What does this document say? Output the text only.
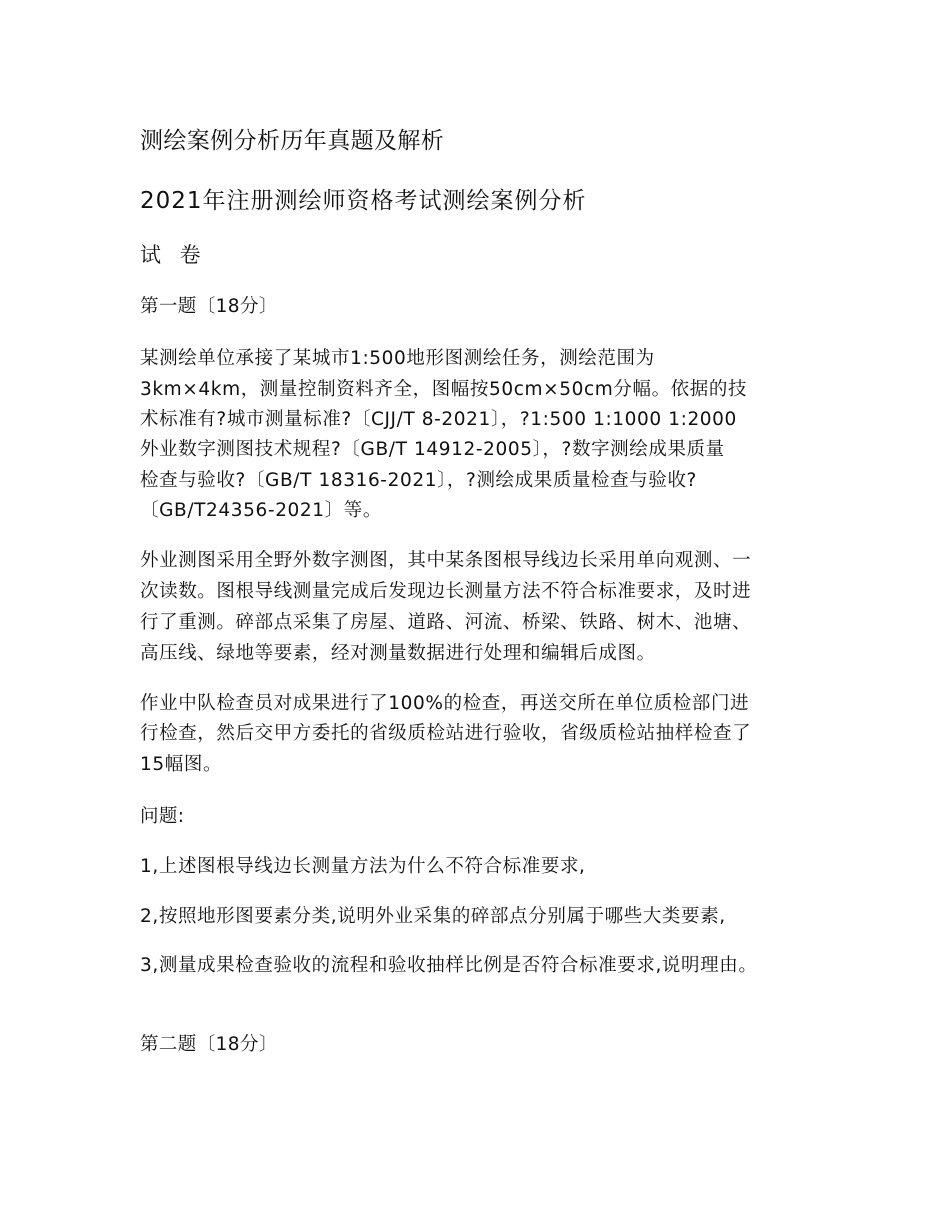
测绘案例分析历年真题及解析
2021年注册测绘师资格考试测绘案例分析
试 卷
第一题〔18分〕
某测绘单位承接了某城市1:500地形图测绘任务，测绘范围为
3km×4km，测量控制资料齐全，图幅按50cm×50cm分幅。依据的技
术标准有?城市测量标准?〔CJJ/T 8-2021〕，?1:500 1:1000 1:2000
外业数字测图技术规程?〔GB/T 14912-2005〕，?数字测绘成果质量
检查与验收?〔GB/T 18316-2021〕，?测绘成果质量检查与验收?
〔GB/T24356-2021〕等。
外业测图采用全野外数字测图，其中某条图根导线边长采用单向观测、一
次读数。图根导线测量完成后发现边长测量方法不符合标准要求，及时进
行了重测。碎部点采集了房屋、道路、河流、桥梁、铁路、树木、池塘、
高压线、绿地等要素，经对测量数据进行处理和编辑后成图。
作业中队检查员对成果进行了100%的检查，再送交所在单位质检部门进
行检查，然后交甲方委托的省级质检站进行验收，省级质检站抽样检查了
15幅图。
问题:
1,上述图根导线边长测量方法为什么不符合标准要求,
2,按照地形图要素分类,说明外业采集的碎部点分别属于哪些大类要素,
3,测量成果检查验收的流程和验收抽样比例是否符合标准要求,说明理由。
第二题〔18分〕
